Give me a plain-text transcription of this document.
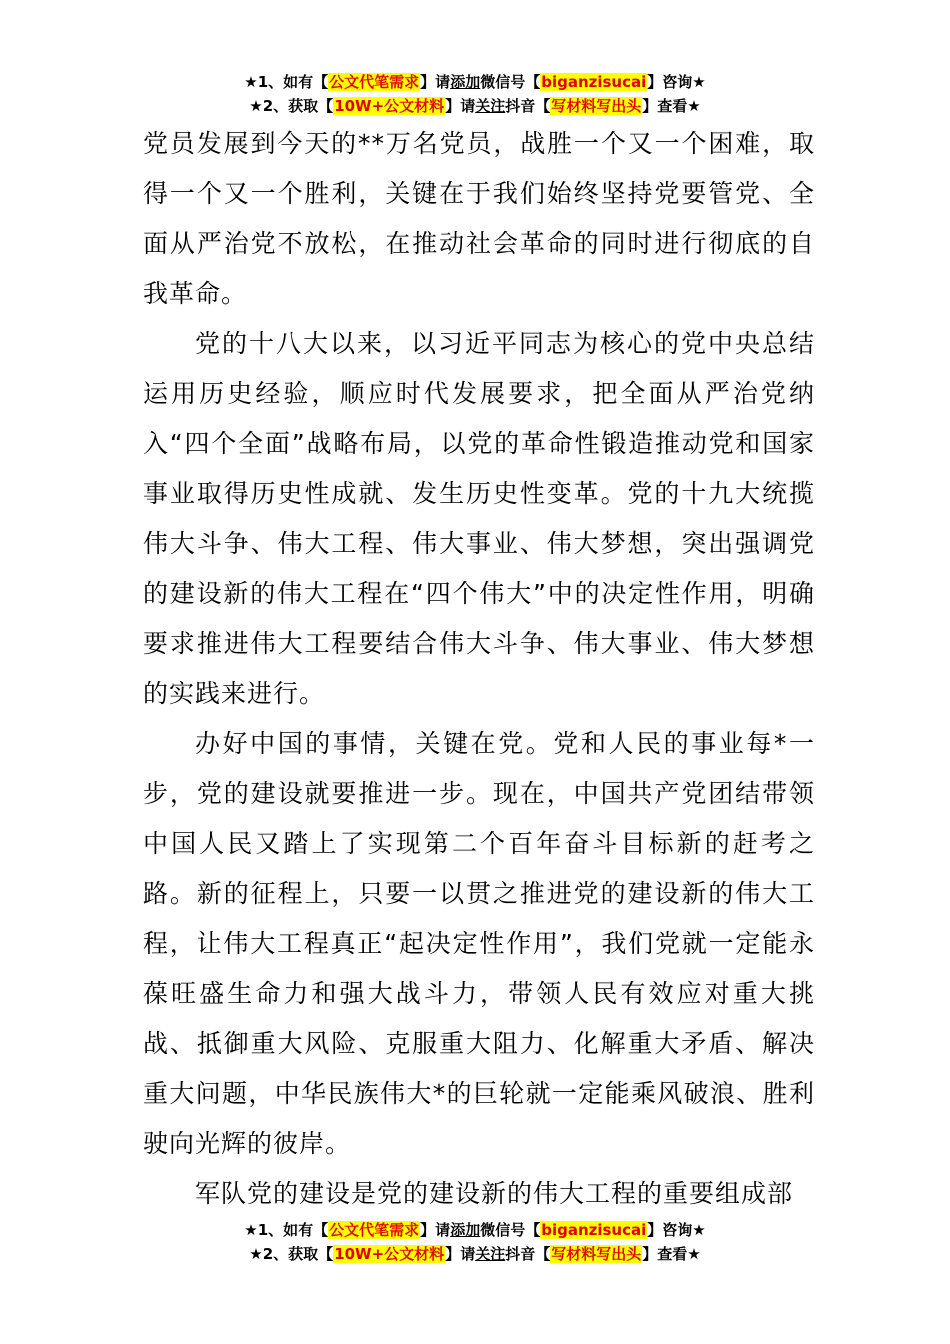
★1、如有【公文代笔需求】请添加微信号【biganzisucai】咨询★
★2、获取【10W+公文材料】请关注抖音【写材料写出头】查看★

党员发展到今天的**万名党员，战胜一个又一个困难，取得一个又一个胜利，关键在于我们始终坚持党要管党、全面从严治党不放松，在推动社会革命的同时进行彻底的自我革命。

党的十八大以来，以习近平同志为核心的党中央总结运用历史经验，顺应时代发展要求，把全面从严治党纳入“四个全面”战略布局，以党的革命性锻造推动党和国家事业取得历史性成就、发生历史性变革。党的十九大统揽伟大斗争、伟大工程、伟大事业、伟大梦想，突出强调党的建设新的伟大工程在“四个伟大”中的决定性作用，明确要求推进伟大工程要结合伟大斗争、伟大事业、伟大梦想的实践来进行。

办好中国的事情，关键在党。党和人民的事业每*一步，党的建设就要推进一步。现在，中国共产党团结带领中国人民又踏上了实现第二个百年奋斗目标新的赶考之路。新的征程上，只要一以贯之推进党的建设新的伟大工程，让伟大工程真正“起决定性作用”，我们党就一定能永葆旺盛生命力和强大战斗力，带领人民有效应对重大挑战、抵御重大风险、克服重大阻力、化解重大矛盾、解决重大问题，中华民族伟大*的巨轮就一定能乘风破浪、胜利驶向光辉的彼岸。

军队党的建设是党的建设新的伟大工程的重要组成部

★1、如有【公文代笔需求】请添加微信号【biganzisucai】咨询★
★2、获取【10W+公文材料】请关注抖音【写材料写出头】查看★
